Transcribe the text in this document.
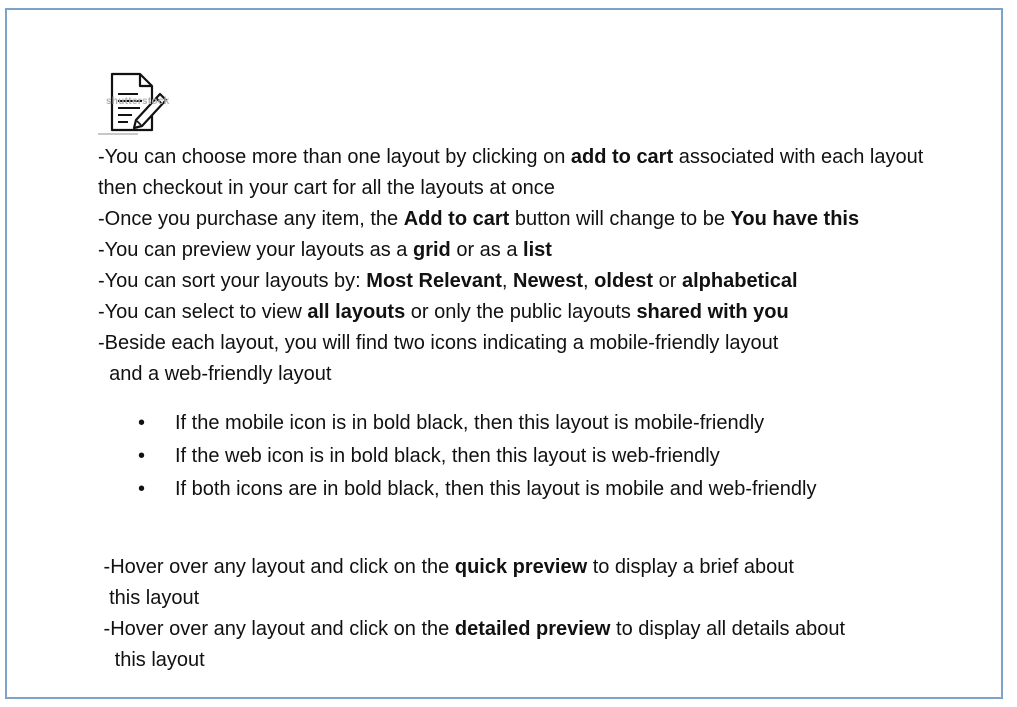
shutterstock
-You can choose more than one layout by clicking on add to cart associated with each layout
then checkout in your cart for all the layouts at once
-Once you purchase any item, the Add to cart button will change to be You have this
-You can preview your layouts as a grid or as a list
-You can sort your layouts by: Most Relevant, Newest, oldest or alphabetical
-You can select to view all layouts or only the public layouts shared with you
-Beside each layout, you will find two icons indicating a mobile-friendly layout
and a web-friendly layout
• If the mobile icon is in bold black, then this layout is mobile-friendly
• If the web icon is in bold black, then this layout is web-friendly
• If both icons are in bold black, then this layout is mobile and web-friendly
-Hover over any layout and click on the quick preview to display a brief about
this layout
-Hover over any layout and click on the detailed preview to display all details about
this layout
